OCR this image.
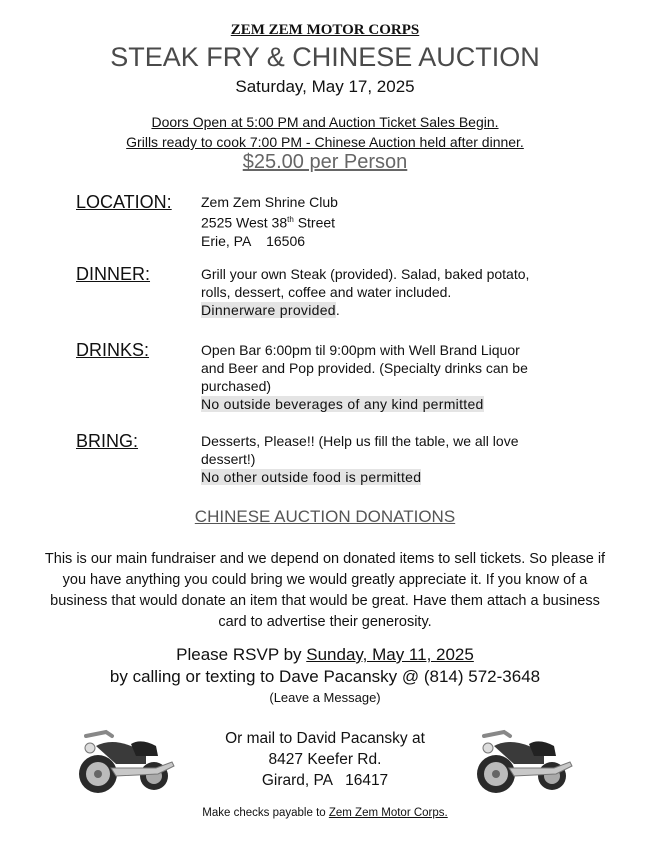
ZEM ZEM MOTOR CORPS
STEAK FRY & CHINESE AUCTION
Saturday, May 17, 2025
Doors Open at 5:00 PM and Auction Ticket Sales Begin.
Grills ready to cook 7:00 PM - Chinese Auction held after dinner.
$25.00 per Person
LOCATION: Zem Zem Shrine Club
2525 West 38th Street
Erie, PA    16506
DINNER:	Grill your own Steak (provided). Salad, baked potato, rolls, dessert, coffee and water included.
Dinnerware provided.
DRINKS:	Open Bar 6:00pm til 9:00pm with Well Brand Liquor and Beer and Pop provided. (Specialty drinks can be purchased)
No outside beverages of any kind permitted
BRING:	Desserts, Please!! (Help us fill the table, we all love dessert!)
No other outside food is permitted
CHINESE AUCTION DONATIONS
This is our main fundraiser and we depend on donated items to sell tickets. So please if you have anything you could bring we would greatly appreciate it. If you know of a business that would donate an item that would be great. Have them attach a business card to advertise their generosity.
Please RSVP by Sunday, May 11, 2025
by calling or texting to Dave Pacansky @ (814) 572-3648
(Leave a Message)
Or mail to David Pacansky at
8427 Keefer Rd.
Girard, PA   16417
Make checks payable to Zem Zem Motor Corps.
